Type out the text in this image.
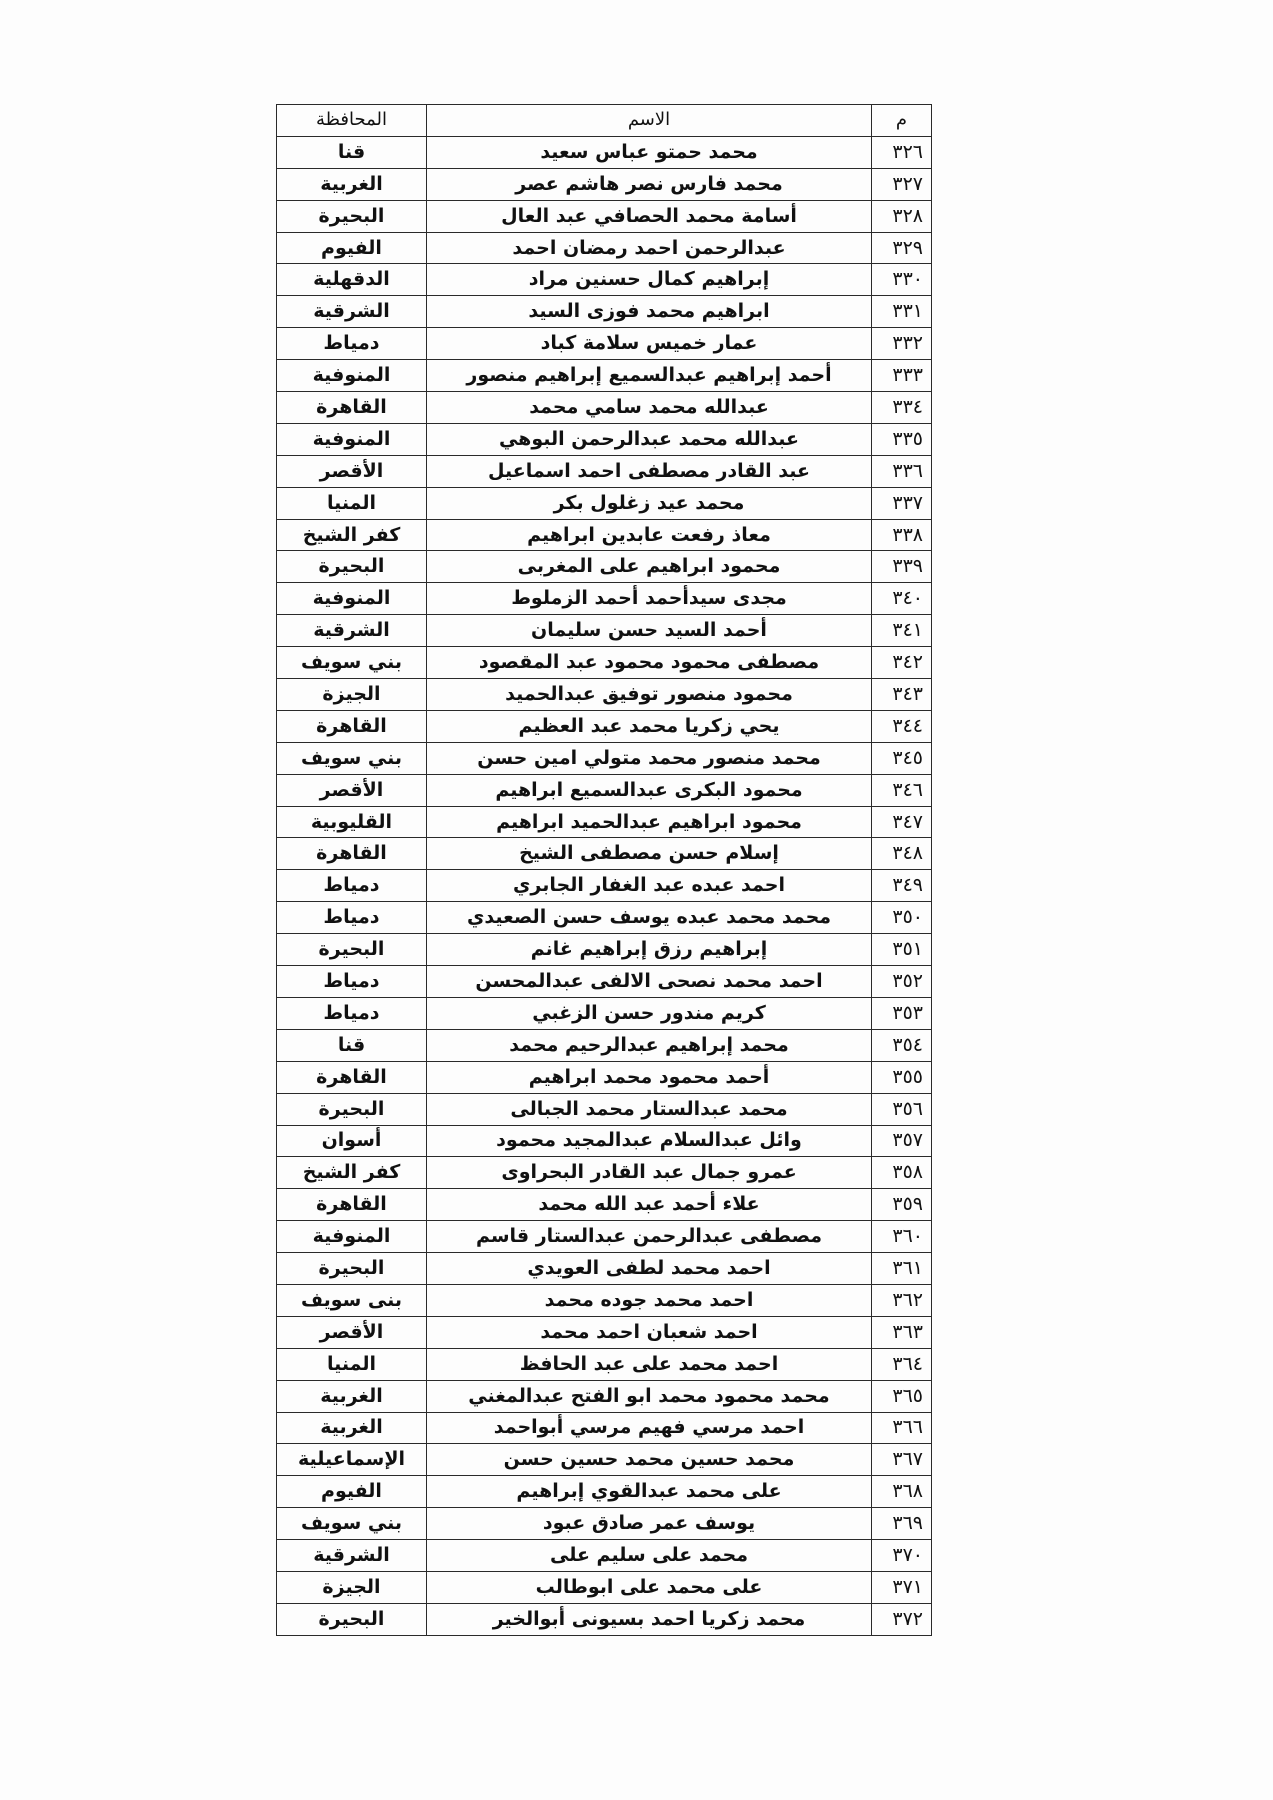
م	الاسم	المحافظة
٣٢٦	محمد حمتو عباس سعيد	قنا
٣٢٧	محمد فارس نصر هاشم عصر	الغربية
٣٢٨	أسامة محمد الحصافي عبد العال	البحيرة
٣٢٩	عبدالرحمن احمد رمضان احمد	الفيوم
٣٣٠	إبراهيم كمال حسنين مراد	الدقهلية
٣٣١	ابراهيم محمد فوزى السيد	الشرقية
٣٣٢	عمار خميس سلامة كباد	دمياط
٣٣٣	أحمد إبراهيم عبدالسميع إبراهيم منصور	المنوفية
٣٣٤	عبدالله محمد سامي محمد	القاهرة
٣٣٥	عبدالله محمد عبدالرحمن البوهي	المنوفية
٣٣٦	عبد القادر مصطفى احمد اسماعيل	الأقصر
٣٣٧	محمد عيد زغلول بكر	المنيا
٣٣٨	معاذ رفعت عابدين ابراهيم	كفر الشيخ
٣٣٩	محمود ابراهيم على المغربى	البحيرة
٣٤٠	مجدى سيدأحمد أحمد الزملوط	المنوفية
٣٤١	أحمد السيد حسن سليمان	الشرقية
٣٤٢	مصطفى محمود محمود عبد المقصود	بني سويف
٣٤٣	محمود منصور توفيق عبدالحميد	الجيزة
٣٤٤	يحي زكريا محمد عبد العظيم	القاهرة
٣٤٥	محمد منصور محمد متولي امين حسن	بني سويف
٣٤٦	محمود البكرى عبدالسميع ابراهيم	الأقصر
٣٤٧	محمود ابراهيم عبدالحميد ابراهيم	القليوبية
٣٤٨	إسلام حسن مصطفى الشيخ	القاهرة
٣٤٩	احمد عبده عبد الغفار الجابري	دمياط
٣٥٠	محمد محمد عبده يوسف حسن الصعيدي	دمياط
٣٥١	إبراهيم رزق إبراهيم غانم	البحيرة
٣٥٢	احمد محمد نصحى الالفى عبدالمحسن	دمياط
٣٥٣	كريم مندور حسن الزغبي	دمياط
٣٥٤	محمد إبراهيم عبدالرحيم محمد	قنا
٣٥٥	أحمد محمود محمد ابراهيم	القاهرة
٣٥٦	محمد عبدالستار محمد الجبالى	البحيرة
٣٥٧	وائل عبدالسلام عبدالمجيد محمود	أسوان
٣٥٨	عمرو جمال عبد القادر البحراوى	كفر الشيخ
٣٥٩	علاء أحمد عبد الله محمد	القاهرة
٣٦٠	مصطفى عبدالرحمن عبدالستار قاسم	المنوفية
٣٦١	احمد محمد لطفى العويدي	البحيرة
٣٦٢	احمد محمد جوده محمد	بنى سويف
٣٦٣	احمد شعبان احمد محمد	الأقصر
٣٦٤	احمد محمد على عبد الحافظ	المنيا
٣٦٥	محمد محمود محمد ابو الفتح عبدالمغني	الغربية
٣٦٦	احمد مرسي فهيم مرسي أبواحمد	الغربية
٣٦٧	محمد حسين محمد حسين حسن	الإسماعيلية
٣٦٨	على محمد عبدالقوي إبراهيم	الفيوم
٣٦٩	يوسف عمر صادق عبود	بني سويف
٣٧٠	محمد على سليم على	الشرقية
٣٧١	على محمد على ابوطالب	الجيزة
٣٧٢	محمد زكريا احمد بسيونى أبوالخير	البحيرة
